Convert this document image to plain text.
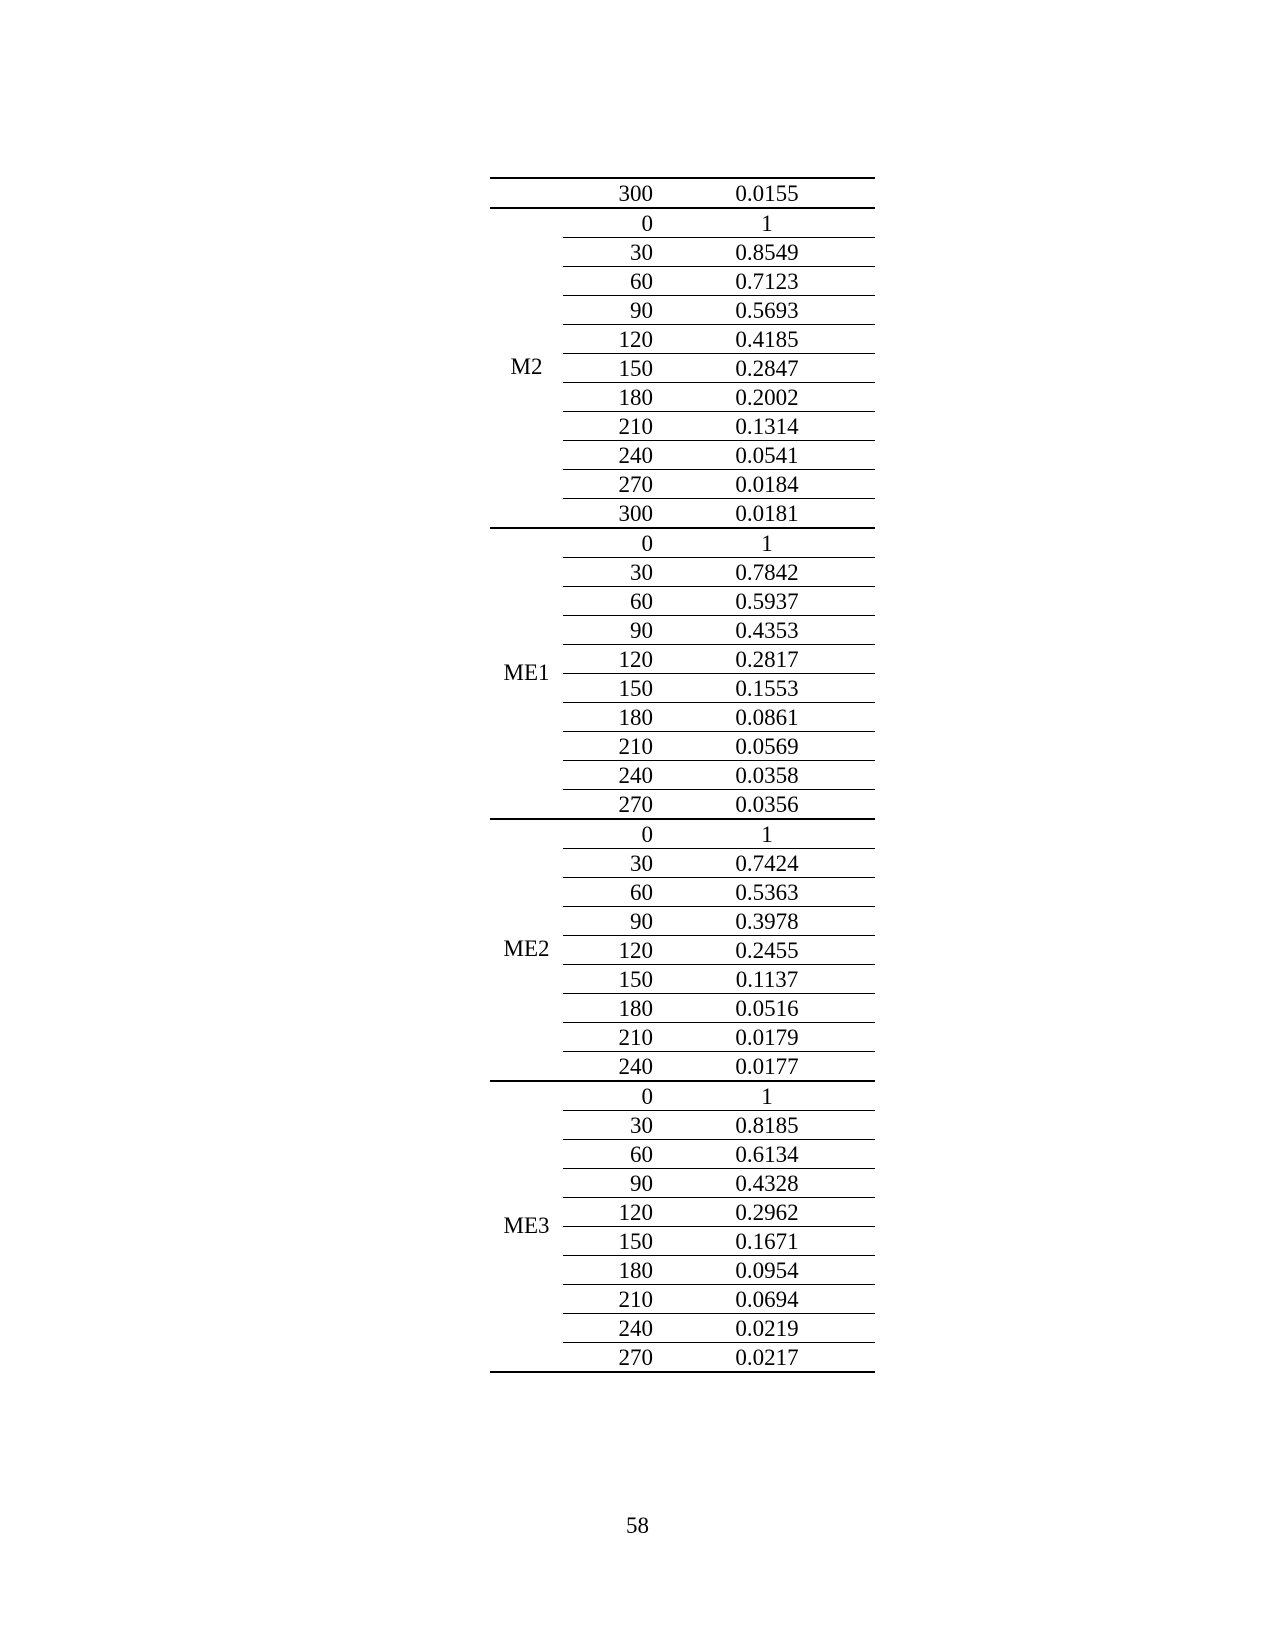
300	0.0155
M2
0	1
30	0.8549
60	0.7123
90	0.5693
120	0.4185
150	0.2847
180	0.2002
210	0.1314
240	0.0541
270	0.0184
300	0.0181
ME1
0	1
30	0.7842
60	0.5937
90	0.4353
120	0.2817
150	0.1553
180	0.0861
210	0.0569
240	0.0358
270	0.0356
ME2
0	1
30	0.7424
60	0.5363
90	0.3978
120	0.2455
150	0.1137
180	0.0516
210	0.0179
240	0.0177
ME3
0	1
30	0.8185
60	0.6134
90	0.4328
120	0.2962
150	0.1671
180	0.0954
210	0.0694
240	0.0219
270	0.0217
58
